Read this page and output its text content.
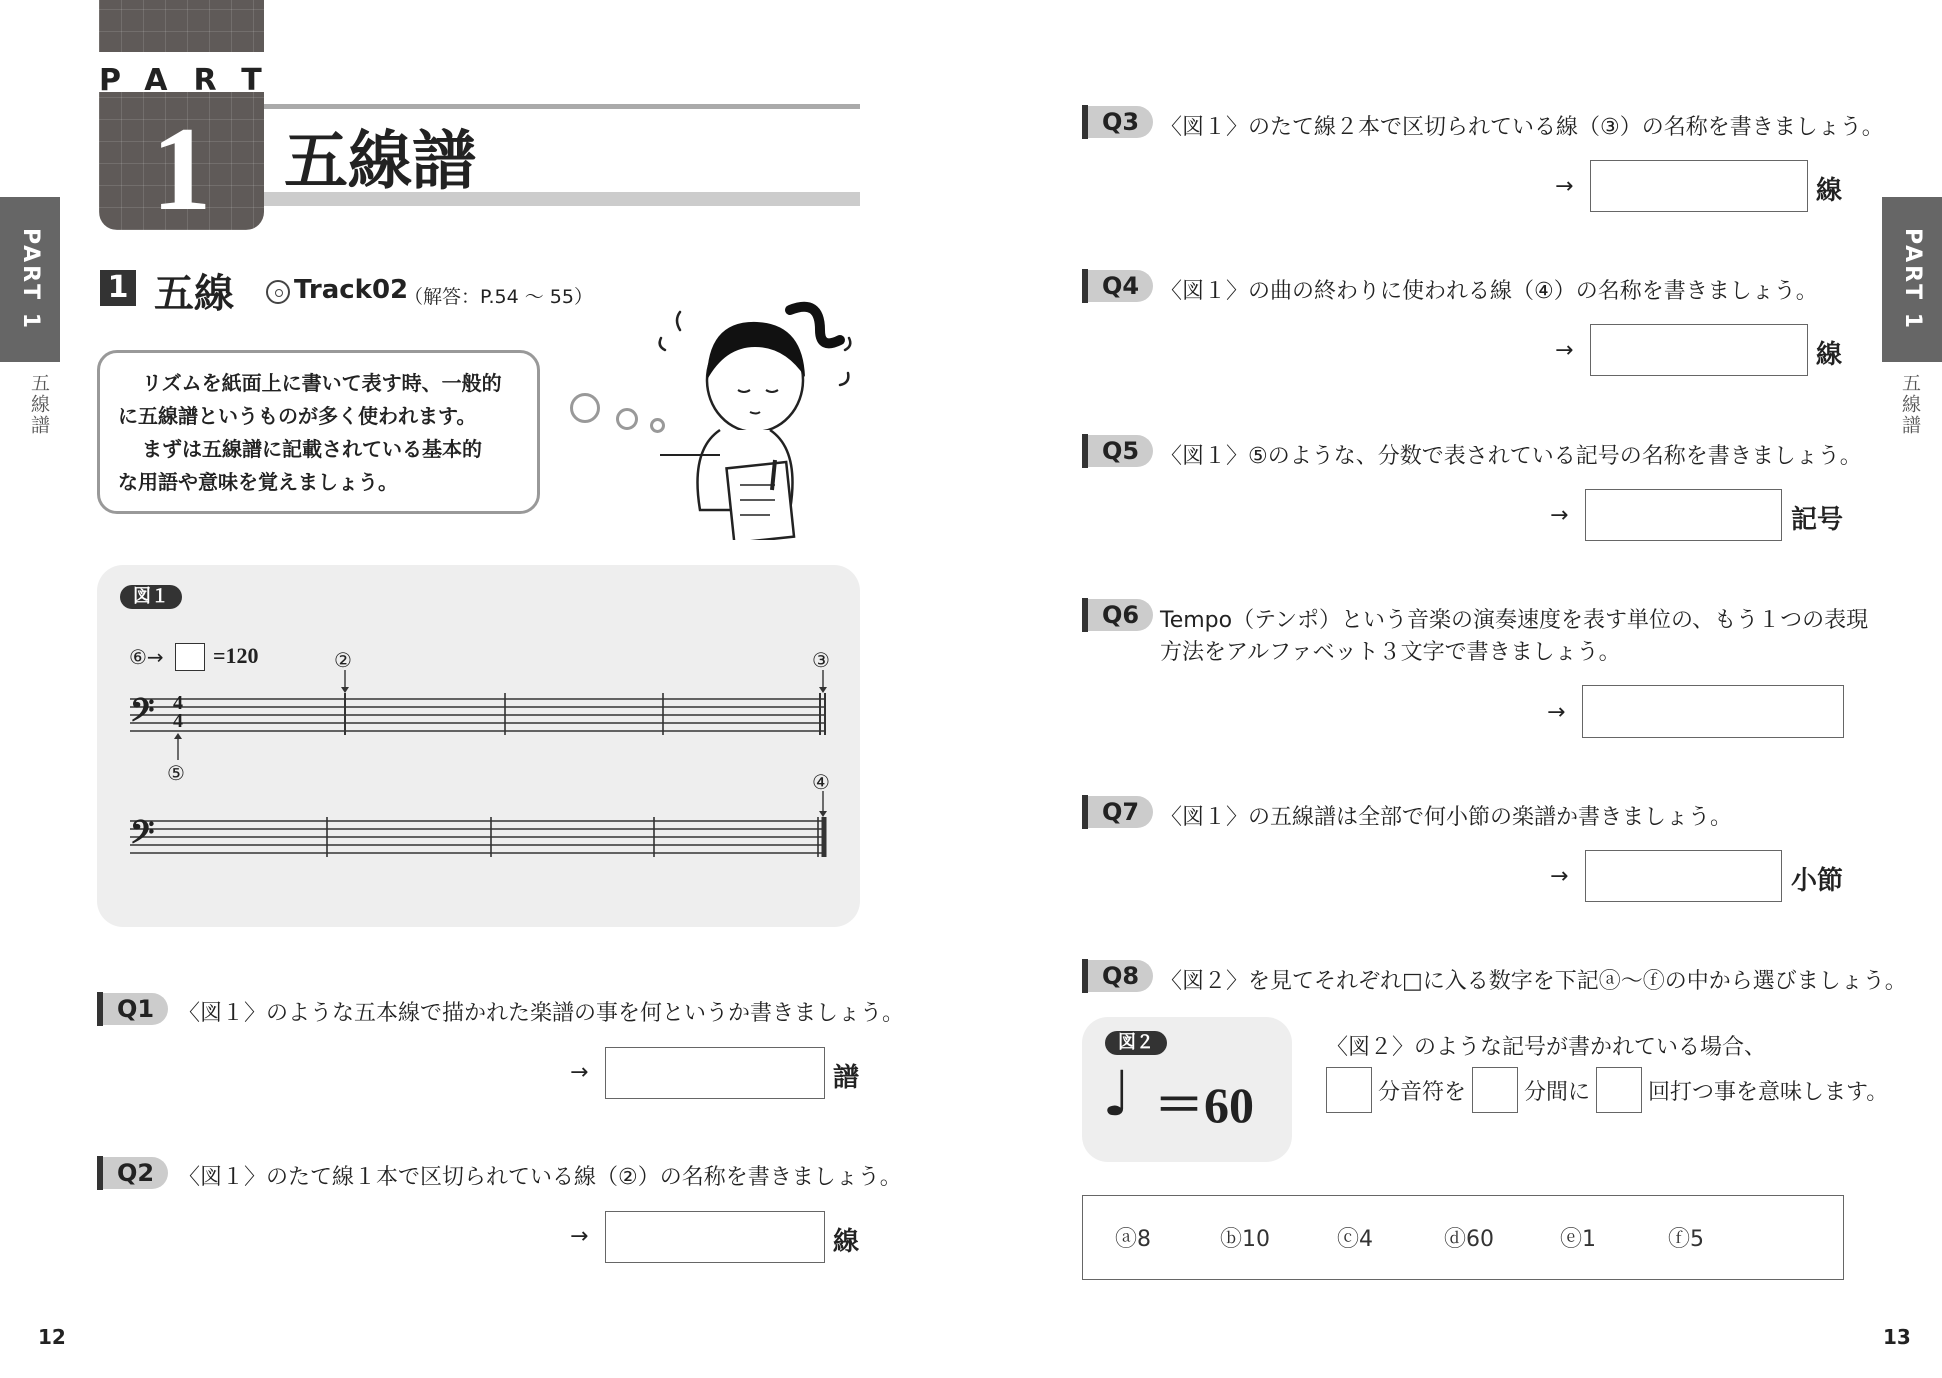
1
PART
五線譜
1 五線 Track02
（解答：P.54 ～ 55）
リズムを紙面上に書いて表す時、一般的
に五線譜というものが多く使われます。
まずは五線譜に記載されている基本的
な用語や意味を覚えましょう。
図１
⑥→ =120
𝄢
𝄢
4
4
②	③
④
⑤
Q1	〈図１〉のような五本線で描かれた楽譜の事を何というか書きましょう。
→	譜
Q2	〈図１〉のたて線１本で区切られている線（②）の名称を書きましょう。
→	線
12
PART 1
五線譜
Q3 〈図１〉のたて線２本で区切られている線（③）の名称を書きましょう。
→	線
Q4 〈図１〉の曲の終わりに使われる線（④）の名称を書きましょう。
→	線
Q5 〈図１〉⑤のような、分数で表されている記号の名称を書きましょう。
→	記号
Q6 Tempo（テンポ）という音楽の演奏速度を表す単位の、もう１つの表現
方法をアルファベット３文字で書きましょう。
→
Q7 〈図１〉の五線譜は全部で何小節の楽譜か書きましょう。
→	小節
Q8 〈図２〉を見てそれぞれ□に入る数字を下記ⓐ～ⓕの中から選びましょう。
図２
♩ ＝60
〈図２〉のような記号が書かれている場合、
分音符を	分間に	回打つ事を意味します。
ⓐ8	ⓑ10	ⓒ4	ⓓ60	ⓔ1	ⓕ5
13
PART 1
五線譜
